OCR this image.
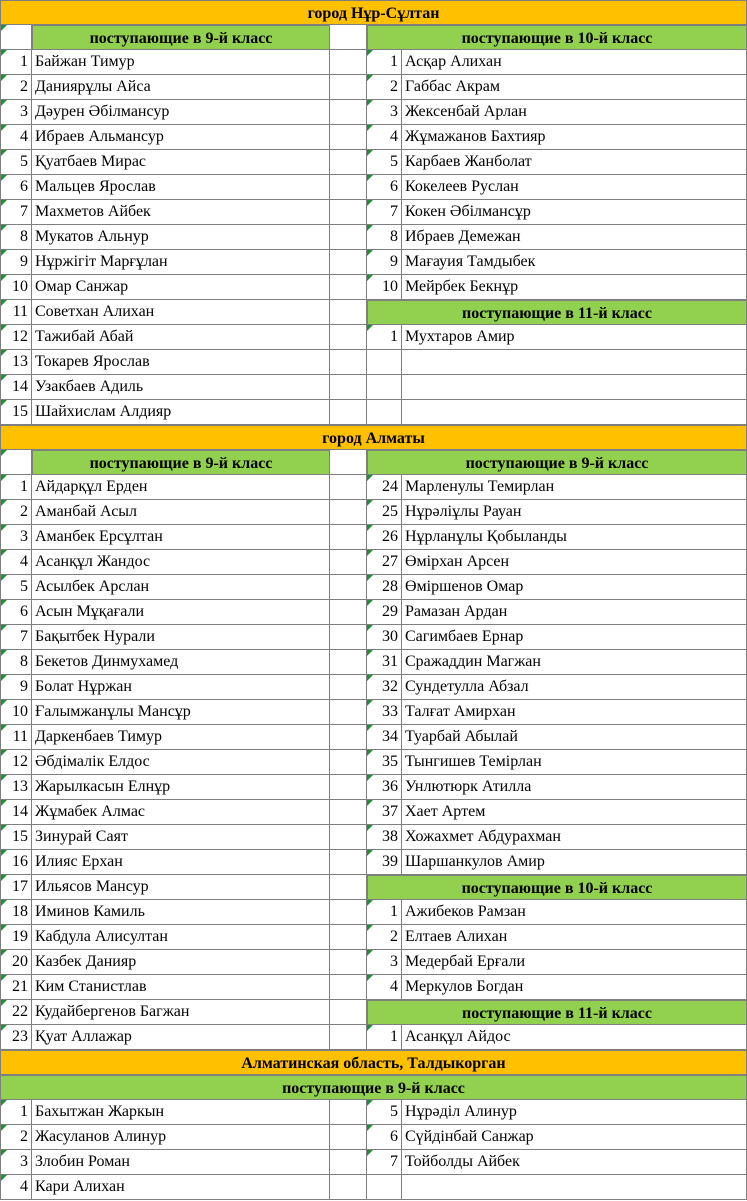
город Нұр-Сұлтан
поступающие в 9-й класс	поступающие в 10-й класс
1 Байжан Тимур	1 Асқар Алихан
2 Даниярұлы Айса	2 Габбас Акрам
3 Дәурен Әбілмансур	3 Жексенбай Арлан
4 Ибраев Альмансур	4 Жұмажанов Бахтияр
5 Қуатбаев Мирас	5 Карбаев Жанболат
6 Мальцев Ярослав	6 Кокелеев Руслан
7 Махметов Айбек	7 Кокен Әбілмансұр
8 Мукатов Альнур	8 Ибраев Демежан
9 Нұржігіт Марғұлан	9 Мағауия Тамдыбек
10 Омар Санжар	10 Мейрбек Бекнұр
11 Советхан Алихан	поступающие в 11-й класс
12 Тажибай Абай	1 Мухтаров Амир
13 Токарев Ярослав
14 Узакбаев Адиль
15 Шайхислам Алдияр
город Алматы
поступающие в 9-й класс	поступающие в 9-й класс
1 Айдарқұл Ерден	24 Марленулы Темирлан
2 Аманбай Асыл	25 Нұрәліұлы Рауан
3 Аманбек Ерсұлтан	26 Нұрланұлы Қобыланды
4 Асанқұл Жандос	27 Өмірхан Арсен
5 Асылбек Арслан	28 Өміршенов Омар
6 Асын Мұқағали	29 Рамазан Ардан
7 Бақытбек Нурали	30 Сагимбаев Ернар
8 Бекетов Динмухамед	31 Сражаддин Магжан
9 Болат Нұржан	32 Сундетулла Абзал
10 Ғалымжанұлы Мансұр	33 Талғат Амирхан
11 Даркенбаев Тимур	34 Туарбай Абылай
12 Әбдімалік Елдос	35 Тынгишев Темірлан
13 Жарылкасын Елнұр	36 Унлютюрк Атилла
14 Жұмабек Алмас	37 Хает Артем
15 Зинурай Саят	38 Хожахмет Абдурахман
16 Илияс Ерхан	39 Шаршанкулов Амир
17 Ильясов Мансур	поступающие в 10-й класс
18 Иминов Камиль	1 Ажибеков Рамзан
19 Кабдула Алисултан	2 Елтаев Алихан
20 Казбек Данияр	3 Медербай Ерғали
21 Ким Станистлав	4 Меркулов Богдан
22 Кудайбергенов Багжан	поступающие в 11-й класс
23 Қуат Аллажар	1 Асанқұл Айдос
Алматинская область, Талдыкорган
поступающие в 9-й класс
1 Бахытжан Жаркын	5 Нұрәділ Алинур
2 Жасуланов Алинур	6 Сүйдінбай Санжар
3 Злобин Роман	7 Тойболды Айбек
4 Кари Алихан
